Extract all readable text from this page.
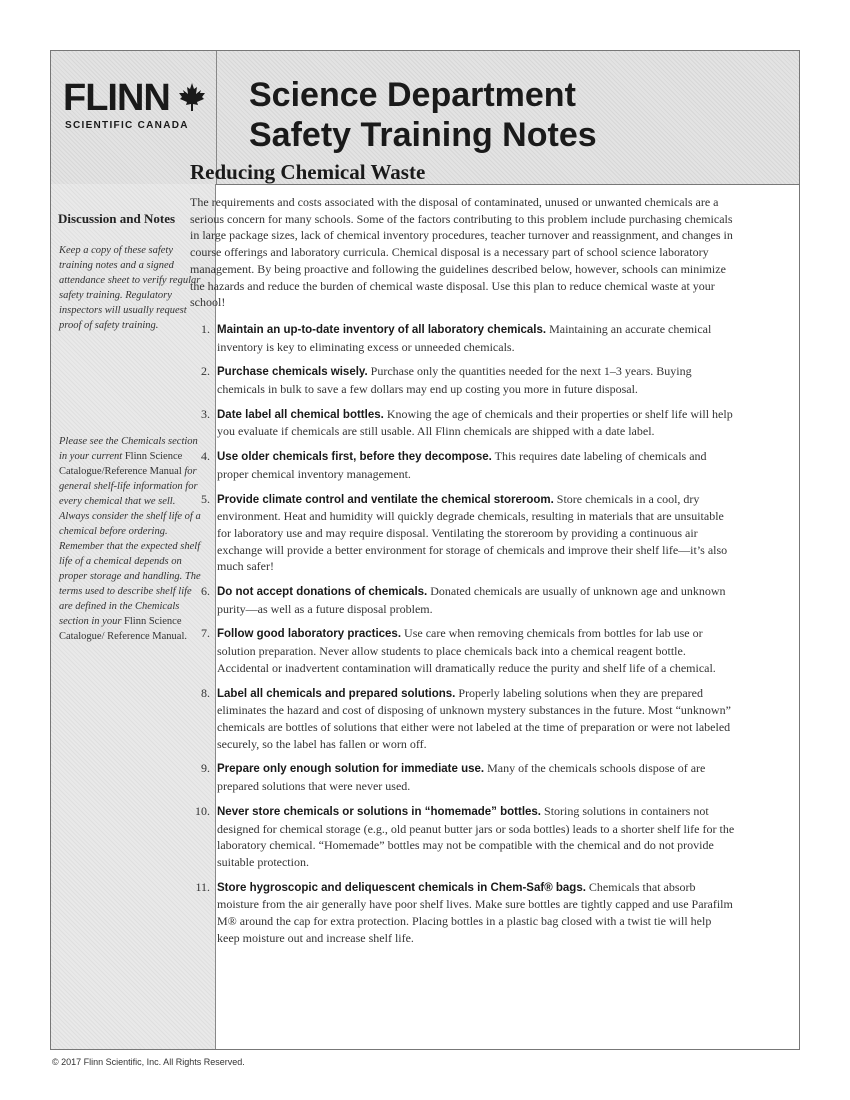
FLINN
SCIENTIFIC CANADA
Science Department
Safety Training Notes
Discussion and Notes
Keep a copy of these safety training notes and a signed attendance sheet to verify regular safety training. Regulatory inspectors will usually request proof of safety training.
Please see the Chemicals section in your current Flinn Science Catalogue/Reference Manual for general shelf-life information for every chemical that we sell. Always consider the shelf life of a chemical before ordering. Remember that the expected shelf life of a chemical depends on proper storage and handling. The terms used to describe shelf life are defined in the Chemicals section in your Flinn Science Catalogue/ Reference Manual.
Reducing Chemical Waste

The requirements and costs associated with the disposal of contaminated, unused or unwanted chemicals are a serious concern for many schools. Some of the factors contributing to this problem include purchasing chemicals in large package sizes, lack of chemical inventory procedures, teacher turnover and reassignment, and changes in course offerings and laboratory curricula. Chemical disposal is a necessary part of school science laboratory management. By being proactive and following the guidelines described below, however, schools can minimize the hazards and reduce the burden of chemical waste disposal. Use this plan to reduce chemical waste at your school!

1. Maintain an up-to-date inventory of all laboratory chemicals. Maintaining an accurate chemical inventory is key to eliminating excess or unneeded chemicals.
2. Purchase chemicals wisely. Purchase only the quantities needed for the next 1–3 years. Buying chemicals in bulk to save a few dollars may end up costing you more in future disposal.
3. Date label all chemical bottles. Knowing the age of chemicals and their properties or shelf life will help you evaluate if chemicals are still usable. All Flinn chemicals are shipped with a date label.
4. Use older chemicals first, before they decompose. This requires date labeling of chemicals and proper chemical inventory management.
5. Provide climate control and ventilate the chemical storeroom. Store chemicals in a cool, dry environment. Heat and humidity will quickly degrade chemicals, resulting in materials that are unsuitable for laboratory use and may require disposal. Ventilating the storeroom by providing a continuous air exchange will provide a better environment for storage of chemicals and improve their shelf life—it’s also much safer!
6. Do not accept donations of chemicals. Donated chemicals are usually of unknown age and unknown purity—as well as a future disposal problem.
7. Follow good laboratory practices. Use care when removing chemicals from bottles for lab use or solution preparation. Never allow students to place chemicals back into a chemical reagent bottle. Accidental or inadvertent contamination will dramatically reduce the purity and shelf life of a chemical.
8. Label all chemicals and prepared solutions. Properly labeling solutions when they are prepared eliminates the hazard and cost of disposing of unknown mystery substances in the future. Most “unknown” chemicals are bottles of solutions that either were not labeled at the time of preparation or were not labeled securely, so the label has fallen or worn off.
9. Prepare only enough solution for immediate use. Many of the chemicals schools dispose of are prepared solutions that were never used.
10. Never store chemicals or solutions in “homemade” bottles. Storing solutions in containers not designed for chemical storage (e.g., old peanut butter jars or soda bottles) leads to a shorter shelf life for the laboratory chemical. “Homemade” bottles may not be compatible with the chemical and do not provide suitable protection.
11. Store hygroscopic and deliquescent chemicals in Chem-Saf® bags. Chemicals that absorb moisture from the air generally have poor shelf lives. Make sure bottles are tightly capped and use Parafilm M® around the cap for extra protection. Placing bottles in a plastic bag closed with a twist tie will help keep moisture out and increase shelf life.
© 2017 Flinn Scientific, Inc. All Rights Reserved.
